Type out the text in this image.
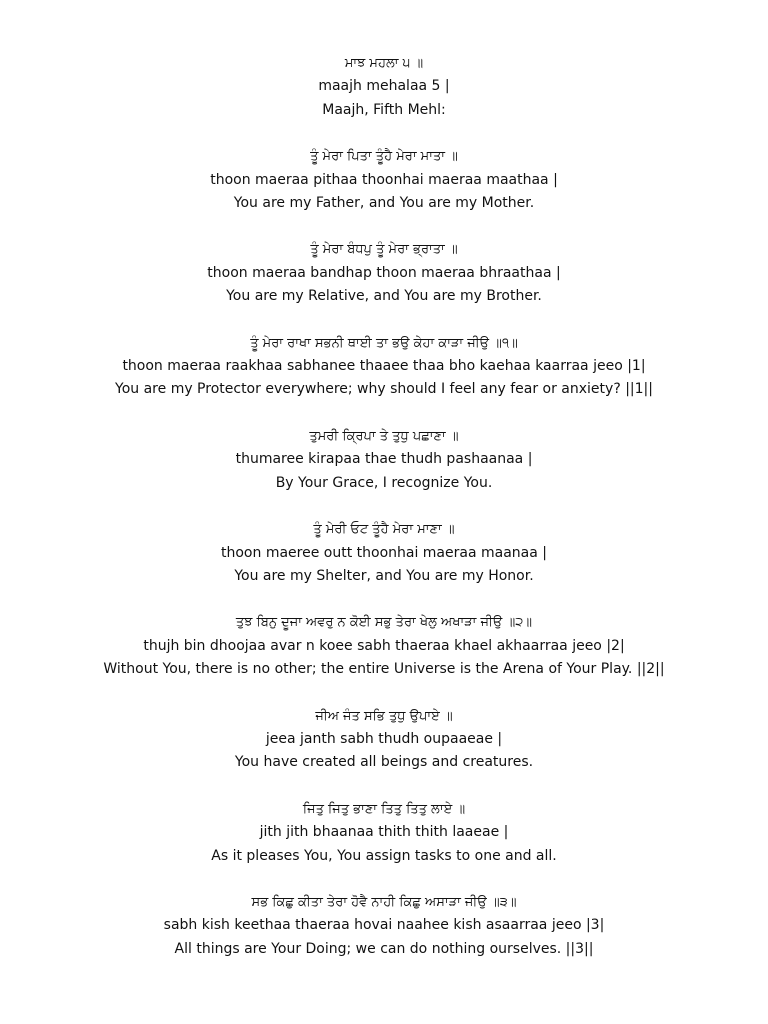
ਮਾਝ ਮਹਲਾ ੫ ॥
maajh mehalaa 5 |
Maajh, Fifth Mehl:
ਤੂੰ ਮੇਰਾ ਪਿਤਾ ਤੂੰਹੈ ਮੇਰਾ ਮਾਤਾ ॥
thoon maeraa pithaa thoonhai maeraa maathaa |
You are my Father, and You are my Mother.
ਤੂੰ ਮੇਰਾ ਬੰਧਪੁ ਤੂੰ ਮੇਰਾ ਭ੍ਰਾਤਾ ॥
thoon maeraa bandhap thoon maeraa bhraathaa |
You are my Relative, and You are my Brother.
ਤੂੰ ਮੇਰਾ ਰਾਖਾ ਸਭਨੀ ਥਾਈ ਤਾ ਭਉ ਕੇਹਾ ਕਾੜਾ ਜੀਉ ॥੧॥
thoon maeraa raakhaa sabhanee thaaee thaa bho kaehaa kaarraa jeeo |1|
You are my Protector everywhere; why should I feel any fear or anxiety? ||1||
ਤੁਮਰੀ ਕ੍ਰਿਪਾ ਤੇ ਤੁਧੁ ਪਛਾਣਾ ॥
thumaree kirapaa thae thudh pashaanaa |
By Your Grace, I recognize You.
ਤੂੰ ਮੇਰੀ ਓਟ ਤੂੰਹੈ ਮੇਰਾ ਮਾਣਾ ॥
thoon maeree outt thoonhai maeraa maanaa |
You are my Shelter, and You are my Honor.
ਤੁਝ ਬਿਨੁ ਦੂਜਾ ਅਵਰੁ ਨ ਕੋਈ ਸਭੁ ਤੇਰਾ ਖੇਲੁ ਅਖਾੜਾ ਜੀਉ ॥੨॥
thujh bin dhoojaa avar n koee sabh thaeraa khael akhaarraa jeeo |2|
Without You, there is no other; the entire Universe is the Arena of Your Play. ||2||
ਜੀਅ ਜੰਤ ਸਭਿ ਤੁਧੁ ਉਪਾਏ ॥
jeea janth sabh thudh oupaaeae |
You have created all beings and creatures.
ਜਿਤੁ ਜਿਤੁ ਭਾਣਾ ਤਿਤੁ ਤਿਤੁ ਲਾਏ ॥
jith jith bhaanaa thith thith laaeae |
As it pleases You, You assign tasks to one and all.
ਸਭ ਕਿਛੁ ਕੀਤਾ ਤੇਰਾ ਹੋਵੈ ਨਾਹੀ ਕਿਛੁ ਅਸਾੜਾ ਜੀਉ ॥੩॥
sabh kish keethaa thaeraa hovai naahee kish asaarraa jeeo |3|
All things are Your Doing; we can do nothing ourselves. ||3||
